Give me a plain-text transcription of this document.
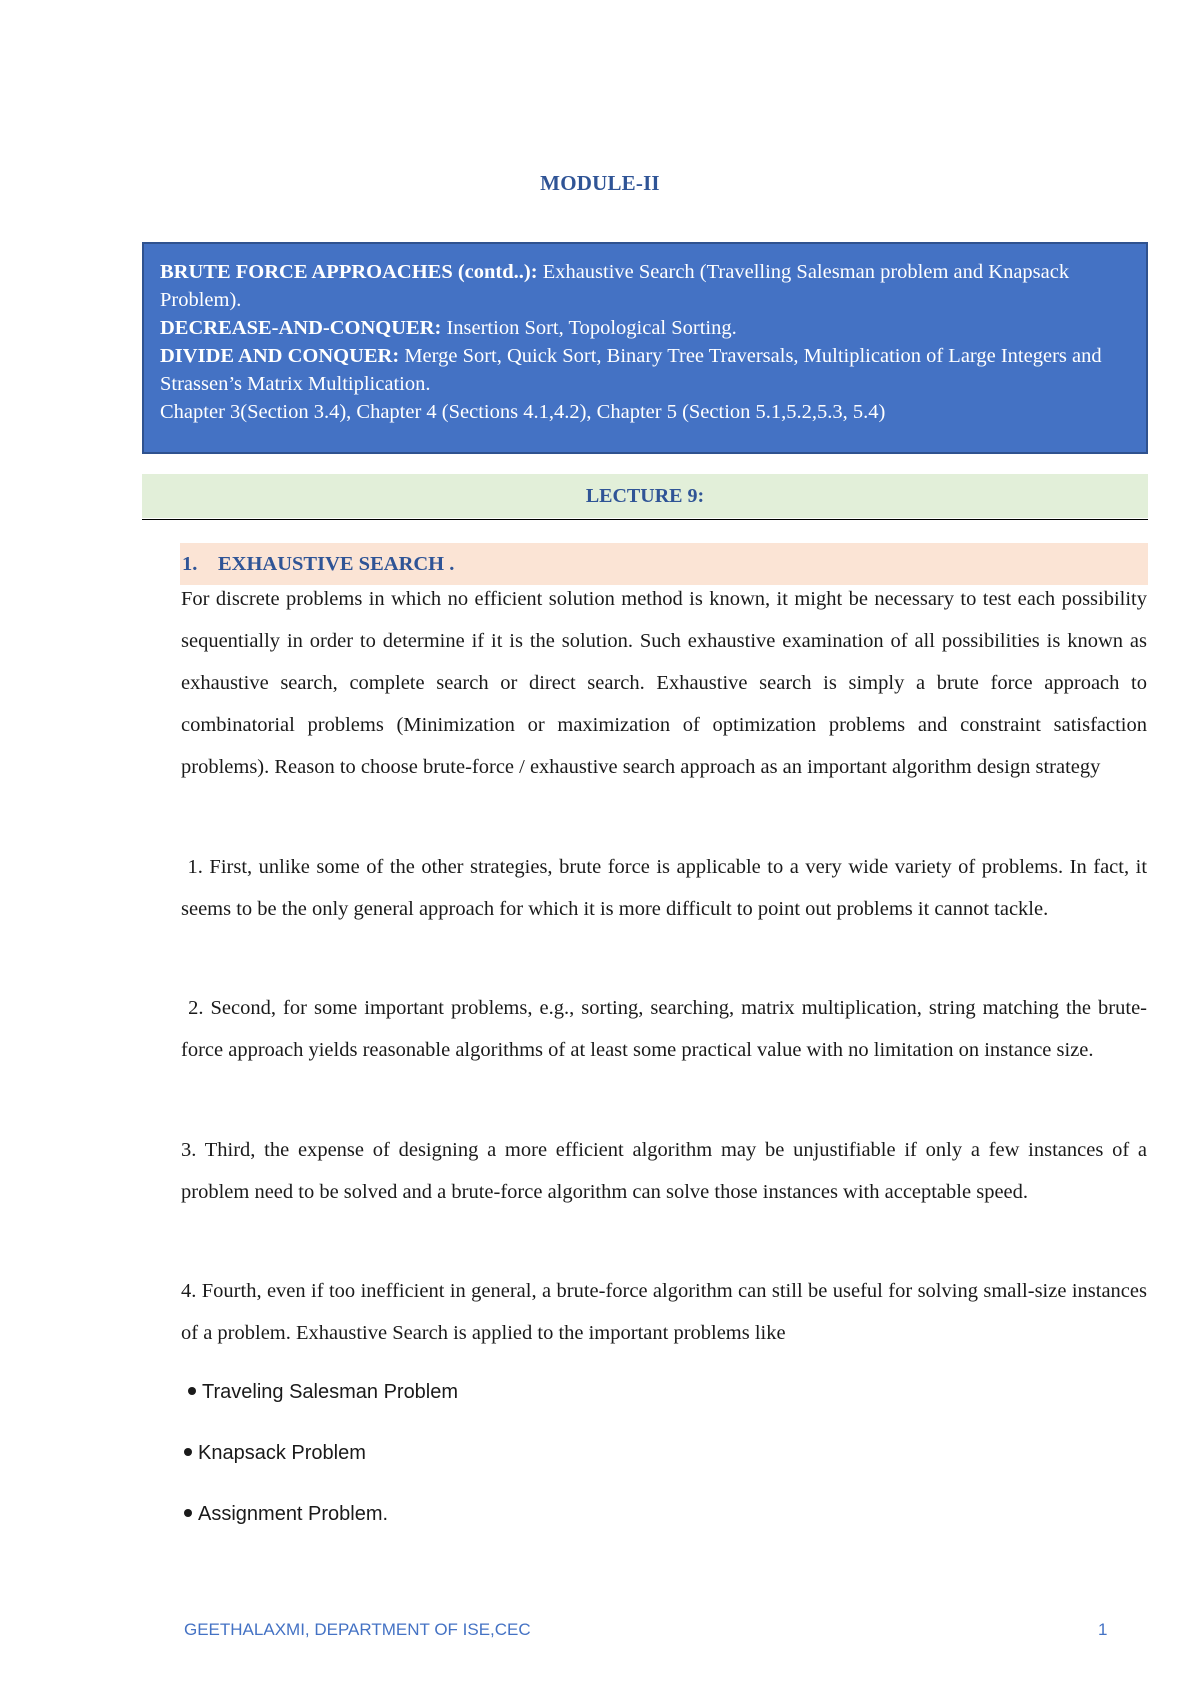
MODULE-II

BRUTE FORCE APPROACHES (contd..): Exhaustive Search (Travelling Salesman problem and Knapsack Problem).

DECREASE-AND-CONQUER: Insertion Sort, Topological Sorting.

DIVIDE AND CONQUER: Merge Sort, Quick Sort, Binary Tree Traversals, Multiplication of Large Integers and Strassen’s Matrix Multiplication.

Chapter 3(Section 3.4), Chapter 4 (Sections 4.1,4.2), Chapter 5 (Section 5.1,5.2,5.3, 5.4)

LECTURE 9:
1. EXHAUSTIVE SEARCH .

For discrete problems in which no efficient solution method is known, it might be necessary to test each possibility sequentially in order to determine if it is the solution. Such exhaustive examination of all possibilities is known as exhaustive search, complete search or direct search. Exhaustive search is simply a brute force approach to combinatorial problems (Minimization or maximization of optimization problems and constraint satisfaction problems). Reason to choose brute-force / exhaustive search approach as an important algorithm design strategy

1. First, unlike some of the other strategies, brute force is applicable to a very wide variety of problems. In fact, it seems to be the only general approach for which it is more difficult to point out problems it cannot tackle.

2. Second, for some important problems, e.g., sorting, searching, matrix multiplication, string matching the brute-force approach yields reasonable algorithms of at least some practical value with no limitation on instance size.

3. Third, the expense of designing a more efficient algorithm may be unjustifiable if only a few instances of a problem need to be solved and a brute-force algorithm can solve those instances with acceptable speed.

4. Fourth, even if too inefficient in general, a brute-force algorithm can still be useful for solving small-size instances of a problem. Exhaustive Search is applied to the important problems like

Traveling Salesman Problem
Knapsack Problem
Assignment Problem.
GEETHALAXMI, DEPARTMENT OF ISE,CEC	1
